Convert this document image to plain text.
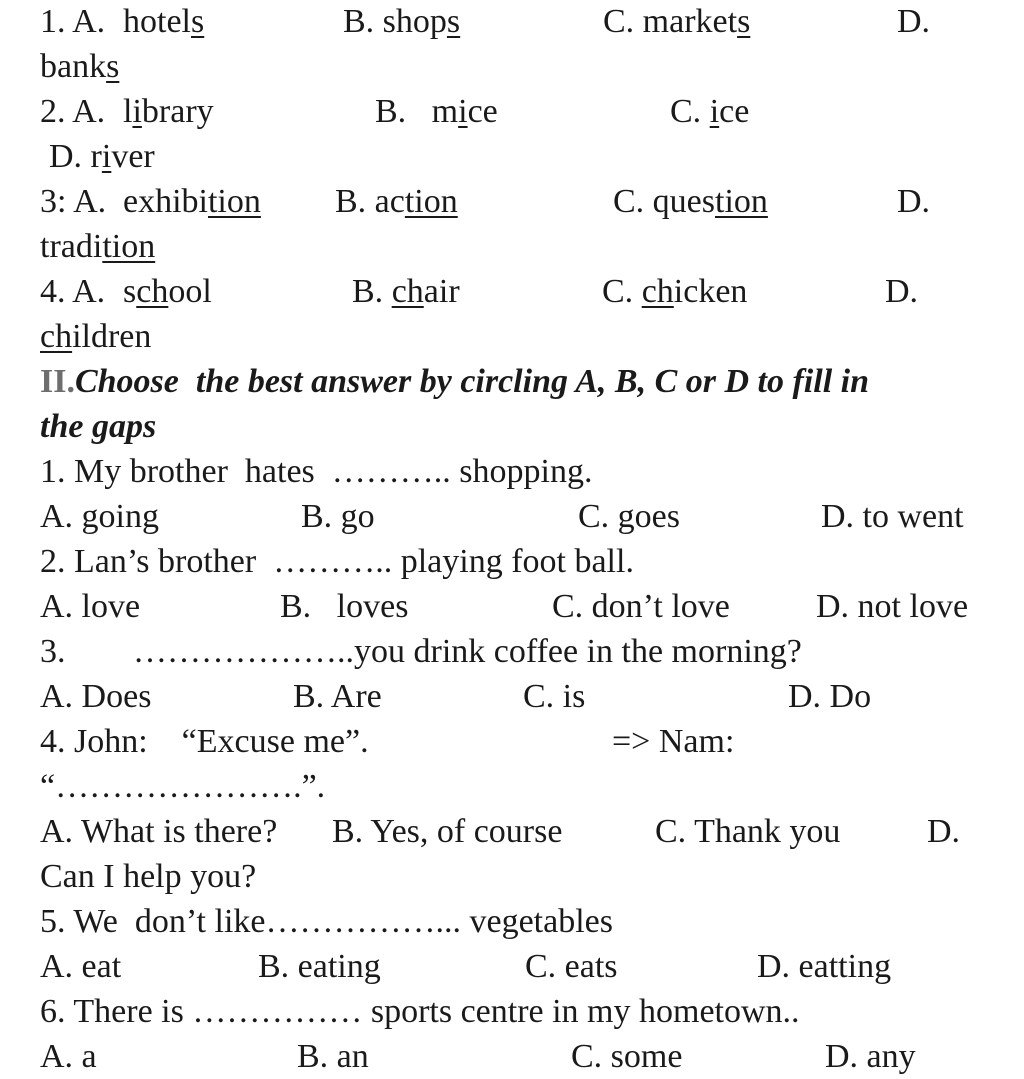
1. A. hotels	B. shops	C. markets	D.
banks
2. A. library	B.   mice	C. ice
D. river
3: A. exhibition B. action	C. question	D.
tradition
4. A. school	B. chair	C. chicken	D.
children
II.Choose  the best answer by circling A, B, C or D to fill in
the gaps
1. My brother  hates  ……….. shopping.
A. going	B. go	C. goes	D. to went
2. Lan’s brother  ……….. playing foot ball.
A. love	B.   loves	C. don’t love	D. not love
3. ………………..you drink coffee in the morning?
A. Does	B. Are	C. is	D. Do
4. John:    “Excuse me”.	=> Nam:
“………………….”.
A. What is there? B. Yes, of course	C. Thank you	D.
Can I help you?
5. We  don’t like……………... vegetables
A. eat	B. eating	C. eats	D. eatting
6. There is …………… sports centre in my hometown..
A. a	B. an	C. some	D. any
